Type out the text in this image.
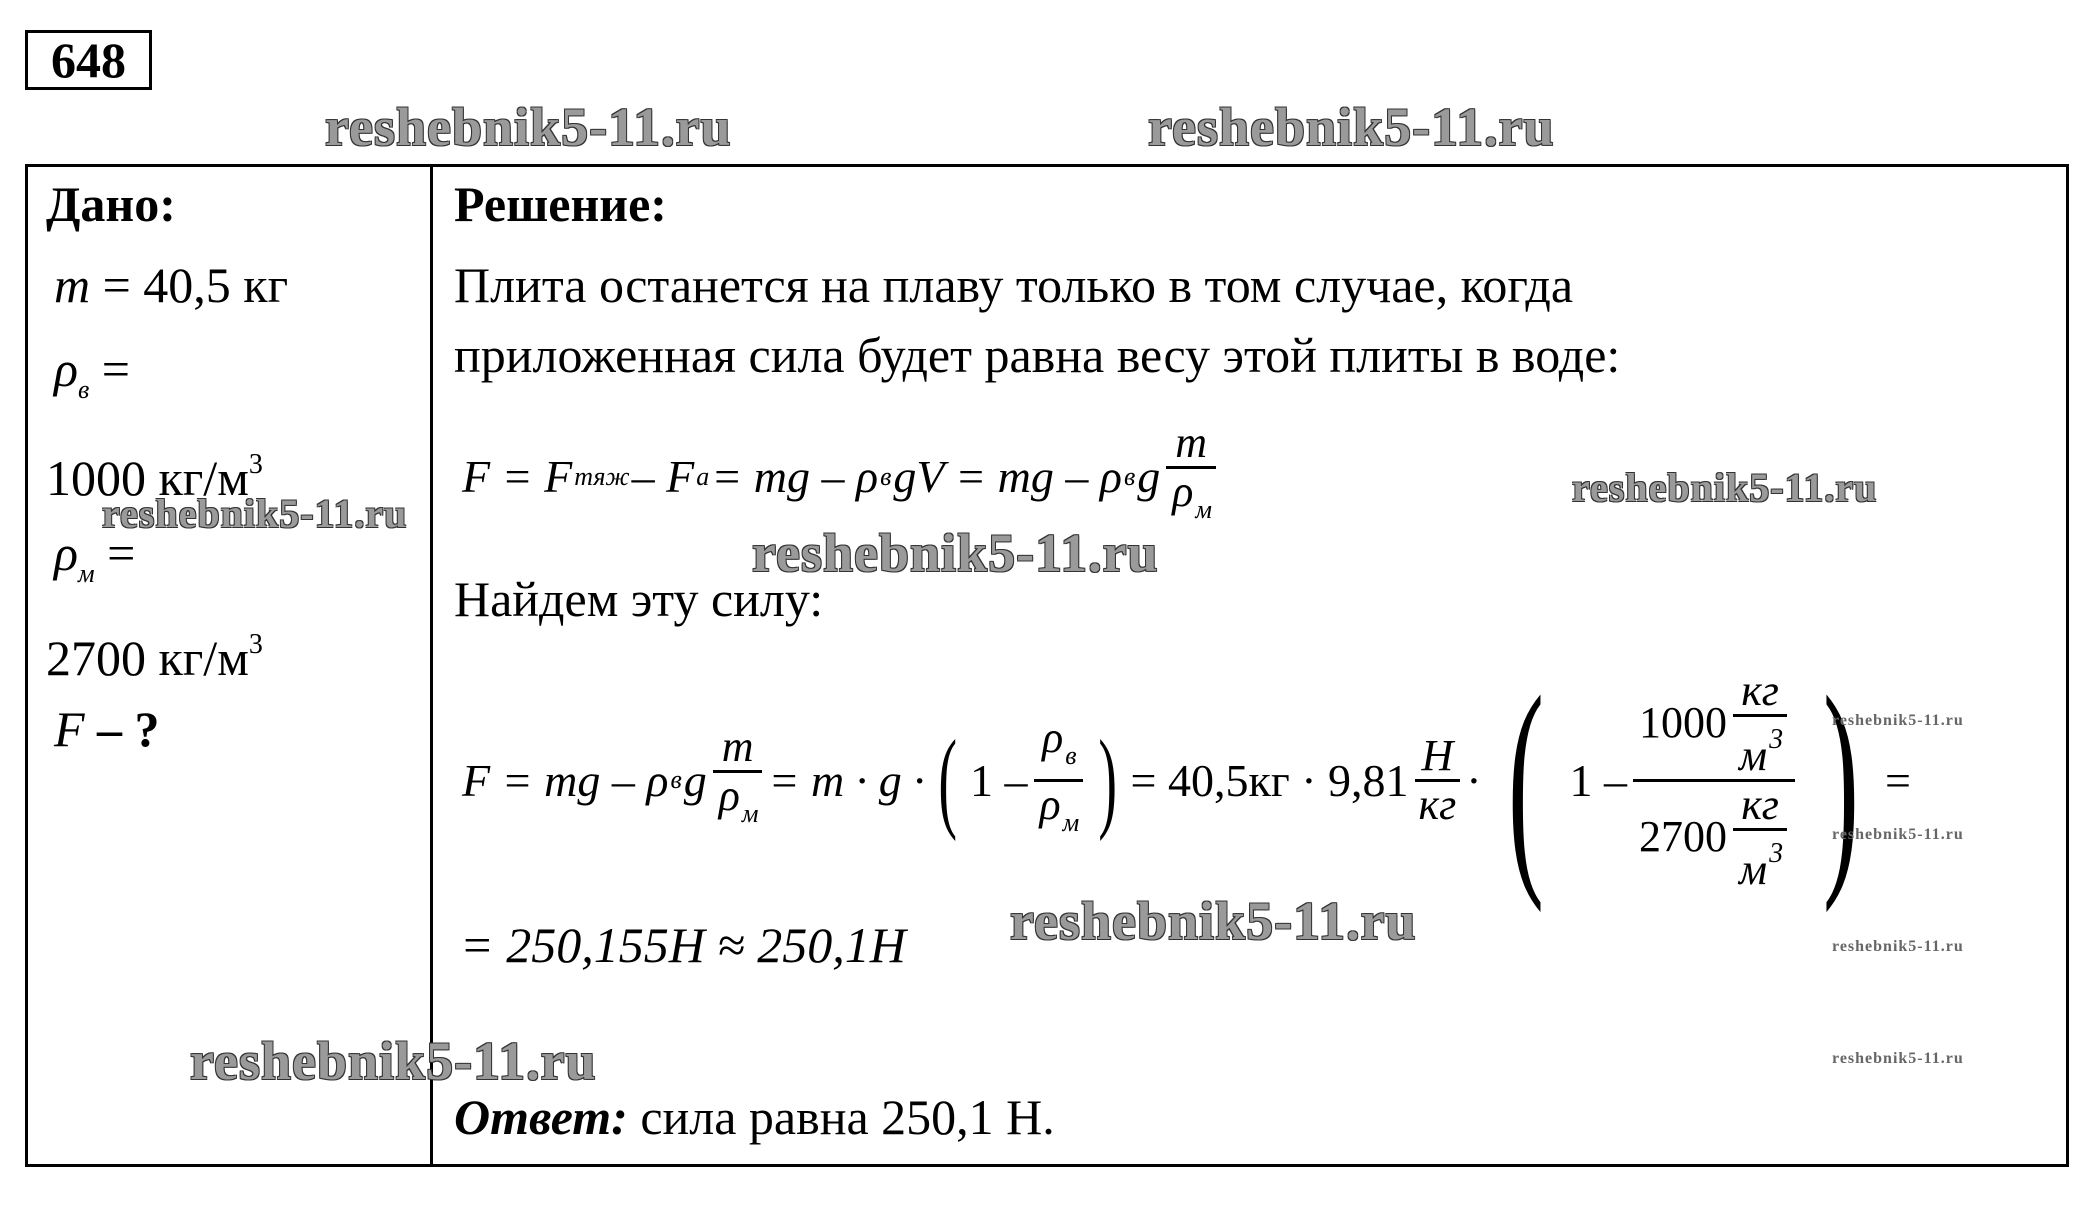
648
reshebnik5-11.ru	reshebnik5-11.ru
Дано:
m = 40,5 кг
$\rho_в$ =
1000 $кг/м^3$
reshebnik5-11.ru
$\rho_м$ =
2700 $кг/м^3$
F – ?
Решение:
Плита останется на плаву только в том случае, когда
приложенная сила будет равна весу этой плиты в воде:
F = F тяж – F а = mg – ρ в gV = mg – ρ в g $\frac{m}{\rho_м}$	reshebnik5-11.ru
reshebnik5-11.ru
Найдем эту силу:
F = mg – ρ в g $\frac{m}{\rho_м} = m \cdot g$ · ( $1 - \frac{\rho_в}{\rho_м}$ ) = $40,5кг \cdot 9,81 \frac{Н}{кг}$ · ( $1 - \frac{1000 \frac{кг}{м^3}}{2700 \frac{кг}{м^3}}$ ) =
reshebnik5-11.ru
reshebnik5-11.ru
reshebnik5-11.ru
reshebnik5-11.ru
= 250,155Н ≈ 250,1Н reshebnik5-11.ru
reshebnik5-11.ru
Ответ: сила равна 250,1 Н.
